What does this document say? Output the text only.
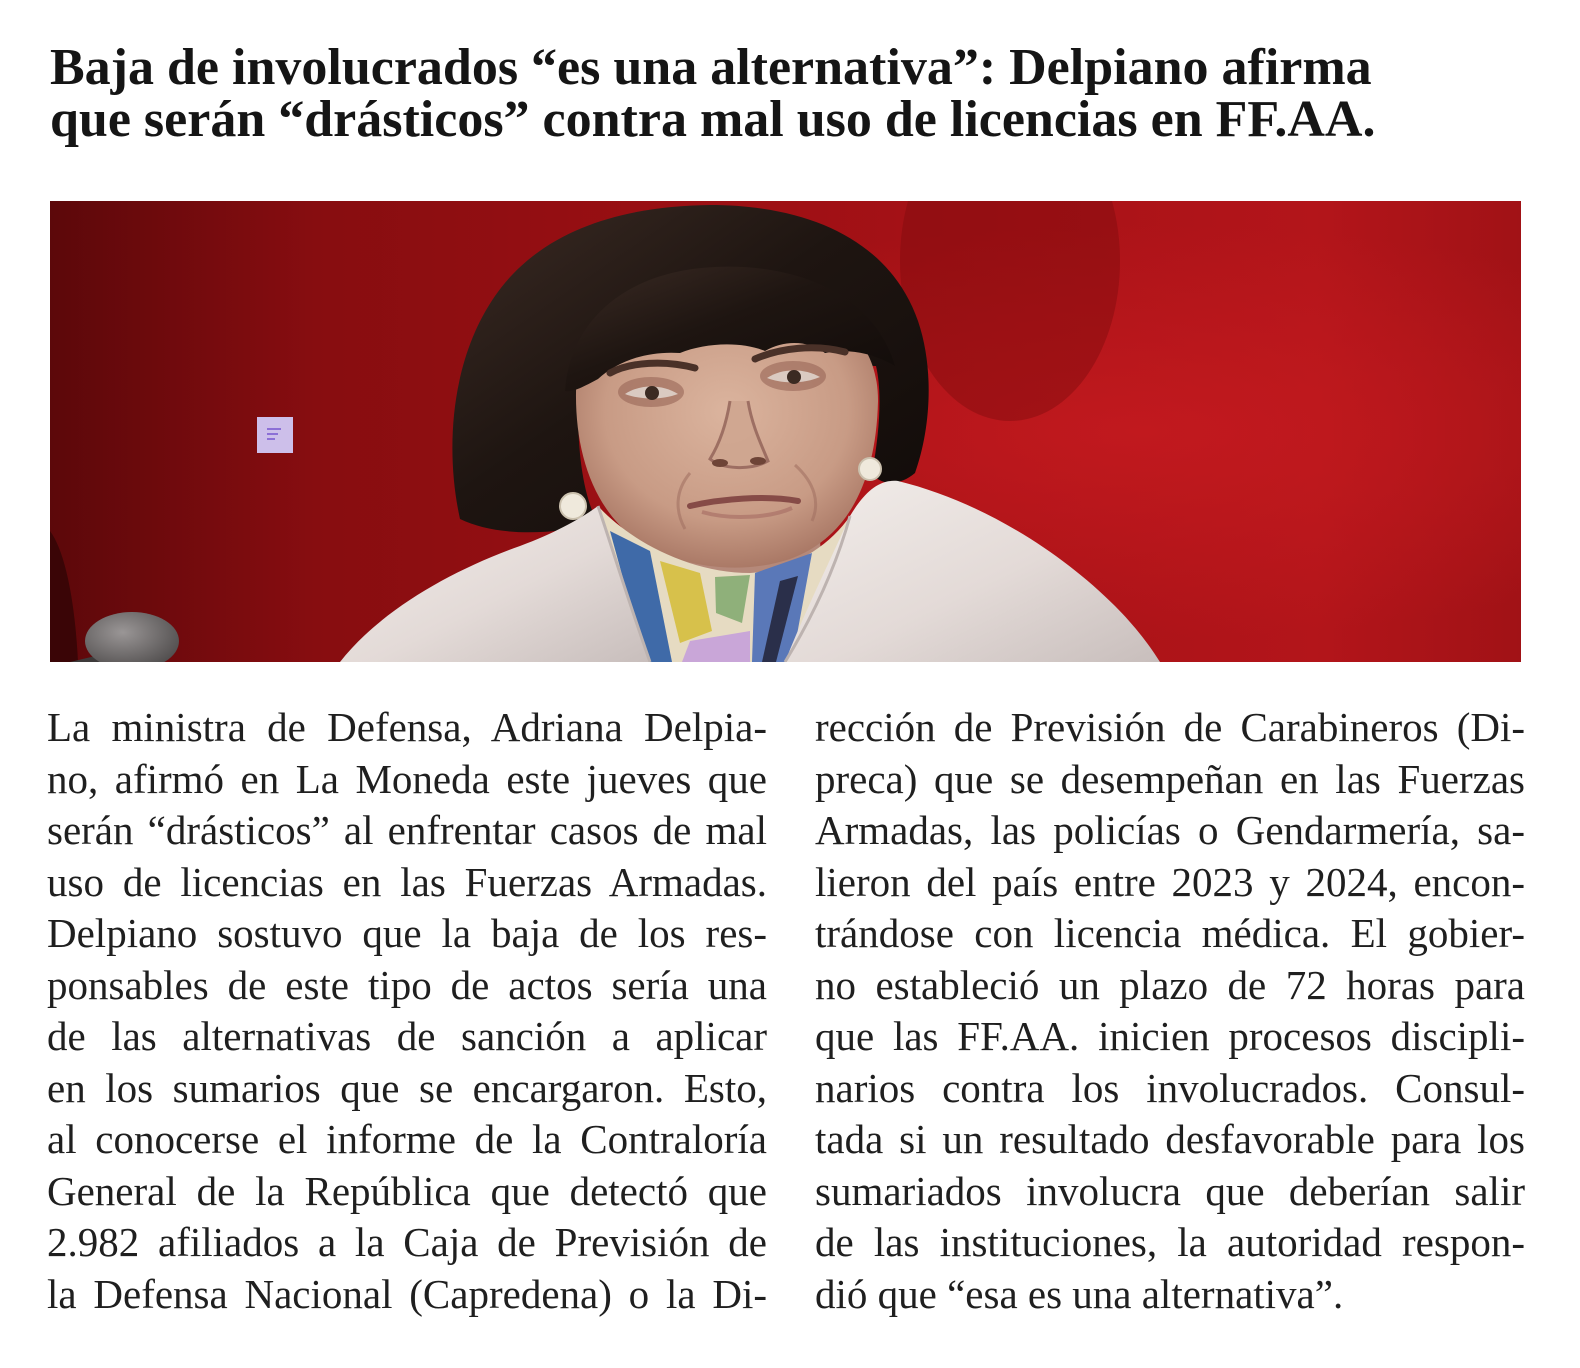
Baja de involucrados “es una alternativa”: Delpiano afirma
que serán “drásticos” contra mal uso de licencias en FF.AA.
La ministra de Defensa, Adriana Delpia-
no, afirmó en La Moneda este jueves que
serán “drásticos” al enfrentar casos de mal
uso de licencias en las Fuerzas Armadas.
Delpiano sostuvo que la baja de los res-
ponsables de este tipo de actos sería una
de las alternativas de sanción a aplicar
en los sumarios que se encargaron. Esto,
al conocerse el informe de la Contraloría
General de la República que detectó que
2.982 afiliados a la Caja de Previsión de
la Defensa Nacional (Capredena) o la Di-
rección de Previsión de Carabineros (Di-
preca) que se desempeñan en las Fuerzas
Armadas, las policías o Gendarmería, sa-
lieron del país entre 2023 y 2024, encon-
trándose con licencia médica. El gobier-
no estableció un plazo de 72 horas para
que las FF.AA. inicien procesos discipli-
narios contra los involucrados. Consul-
tada si un resultado desfavorable para los
sumariados involucra que deberían salir
de las instituciones, la autoridad respon-
dió que “esa es una alternativa”.
